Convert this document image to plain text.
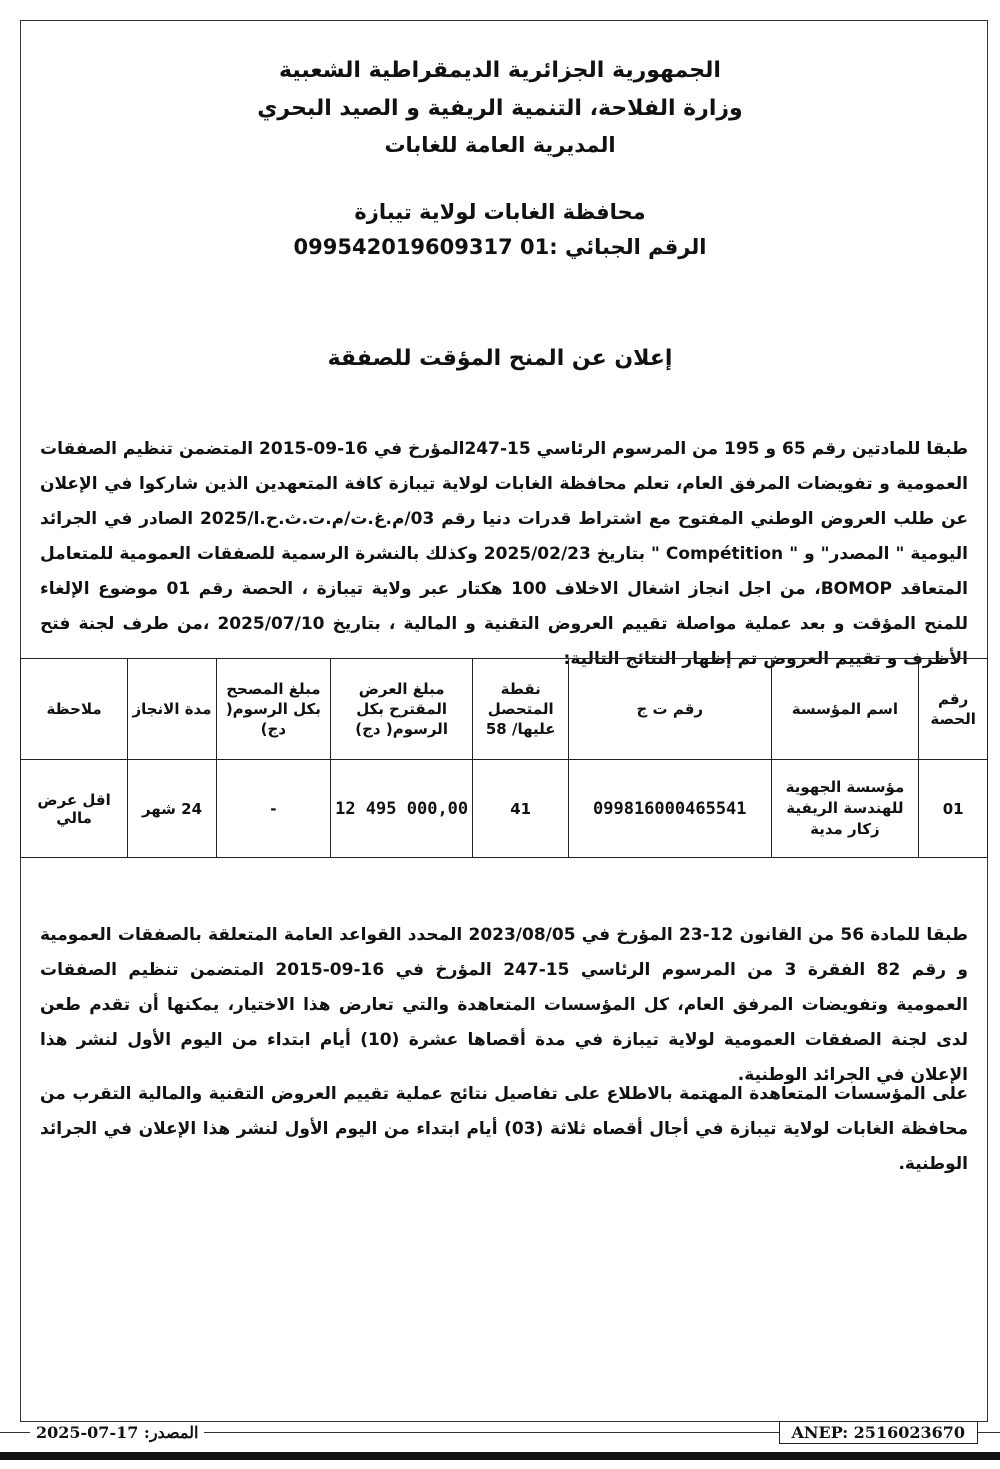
الجمهورية الجزائرية الديمقراطية الشعبية
وزارة الفلاحة، التنمية الريفية و الصيد البحري
المديرية العامة للغابات
محافظة الغابات لولاية تيبازة
الرقم الجبائي :01 099542019609317
إعلان عن المنح المؤقت للصفقة
طبقا للمادتين رقم 65 و 195 من المرسوم الرئاسي 15-247المؤرخ في 16-09-2015 المتضمن تنظيم الصفقات العمومية و تفويضات المرفق العام، تعلم محافظة الغابات لولاية تيبازة كافة المتعهدين الذين شاركوا في الإعلان عن طلب العروض الوطني المفتوح مع اشتراط قدرات دنيا رقم 03/م.غ.ت/م.ت.ث.ح.ا/2025 الصادر في الجرائد اليومية " المصدر" و " Compétition " بتاريخ 2025/02/23 وكذلك بالنشرة الرسمية للصفقات العمومية للمتعامل المتعاقد BOMOP، من اجل انجاز اشغال الاخلاف 100 هكتار عبر ولاية تيبازة ، الحصة رقم 01 موضوع الإلغاء للمنح المؤقت و بعد عملية مواصلة تقييم العروض التقنية و المالية ، بتاريخ 2025/07/10 ،من طرف لجنة فتح الأظرف و تقييم العروض تم إظهار النتائج التالية:
رقم الحصة	اسم المؤسسة	رقم ت ج	نقطة المتحصل عليها/ 58	مبلغ العرض المقترح بكل الرسوم( دج)	مبلغ المصحح بكل الرسوم( دج)	مدة الانجاز	ملاحظة
01	مؤسسة الجهوية للهندسة الريفية زكار مدية	099816000465541	41	12 495 000,00	-	24 شهر	اقل عرض مالي
طبقا للمادة 56 من القانون 12-23 المؤرخ في 2023/08/05 المحدد القواعد العامة المتعلقة بالصفقات العمومية و رقم 82 الفقرة 3 من المرسوم الرئاسي 15-247 المؤرخ في 16-09-2015 المتضمن تنظيم الصفقات العمومية وتفويضات المرفق العام، كل المؤسسات المتعاهدة والتي تعارض هذا الاختيار، يمكنها أن تقدم طعن لدى لجنة الصفقات العمومية لولاية تيبازة في مدة أقصاها عشرة (10) أيام ابتداء من اليوم الأول لنشر هذا الإعلان في الجرائد الوطنية.
على المؤسسات المتعاهدة المهتمة بالاطلاع على تفاصيل نتائج عملية تقييم العروض التقنية والمالية التقرب من محافظة الغابات لولاية تيبازة في أجال أقصاه ثلاثة (03) أيام ابتداء من اليوم الأول لنشر هذا الإعلان في الجرائد الوطنية.
المصدر: 17-07-2025	ANEP: 2516023670
